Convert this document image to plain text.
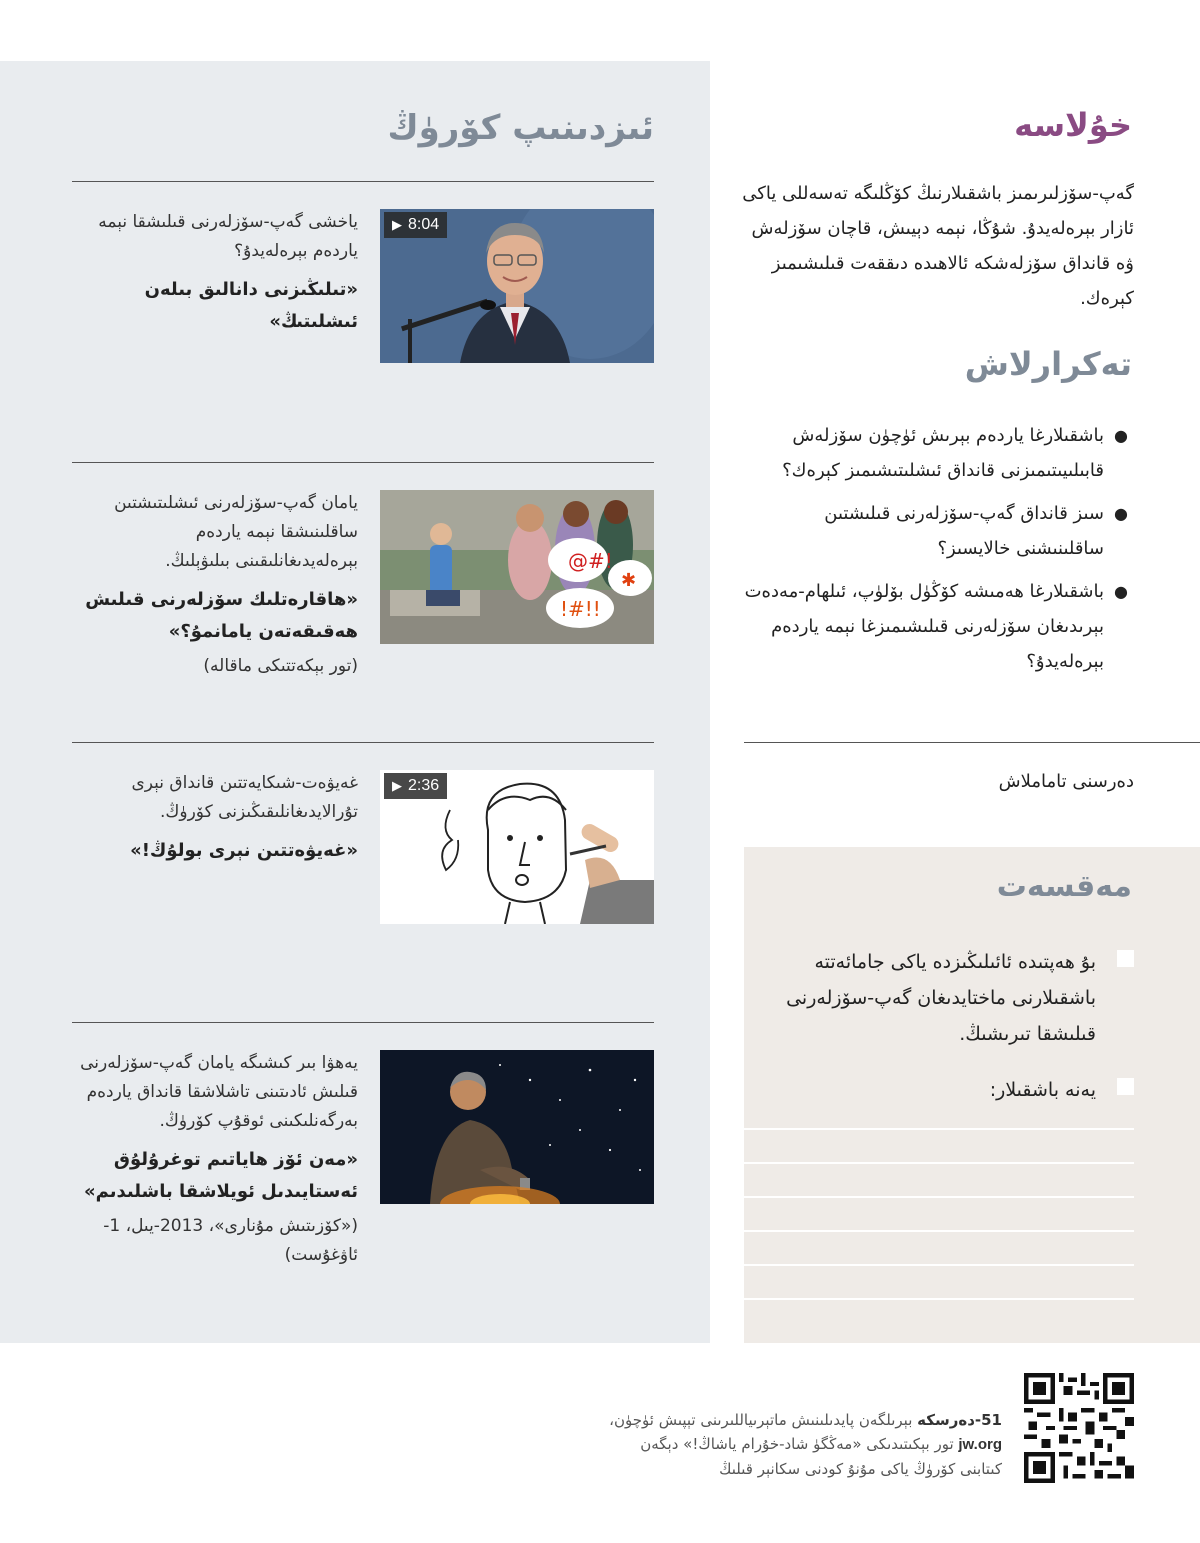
ئىزدىنىپ كۆرۈڭ
▶ 8:04

ياخشى گەپ-سۆزلەرنى قىلىشقا نېمە ياردەم بېرەلەيدۇ؟

«تىلىڭىزنى دانالىق بىلەن ئىشلىتىڭ»

@#!
✱
!#!!

يامان گەپ-سۆزلەرنى ئىشلىتىشتىن ساقلىنىشقا نېمە ياردەم بېرەلەيدىغانلىقىنى بىلىۋېلىڭ.

«ھاقارەتلىك سۆزلەرنى قىلىش ھەقىقەتەن يامانمۇ؟»

(تور بېكەتتىكى ماقالە)

▶ 2:36

غەيۋەت-شىكايەتتىن قانداق نېرى تۇرالايدىغانلىقىڭىزنى كۆرۈڭ.

«غەيۋەتتىن نېرى بولۇڭ!»

يەھۋا بىر كىشىگە يامان گەپ-سۆزلەرنى قىلىش ئادىتىنى تاشلاشقا قانداق ياردەم بەرگەنلىكىنى ئوقۇپ كۆرۈڭ.

«مەن ئۆز ھاياتىم توغرۇلۇق ئەستايىدىل ئويلاشقا باشلىدىم»

(«كۆزىتىش مۇنارى»، 2013-يىل، 1-ئاۋغۇست)

خۇلاسە

گەپ-سۆزلىرىمىز باشقىلارنىڭ كۆڭلىگە تەسەللى ياكى ئازار بېرەلەيدۇ. شۇڭا، نېمە دېيىش، قاچان سۆزلەش ۋە قانداق سۆزلەشكە ئالاھىدە دىققەت قىلىشىمىز كېرەك.

تەكرارلاش
●
باشقىلارغا ياردەم بېرىش ئۈچۈن سۆزلەش قابىلىيىتىمىزنى قانداق ئىشلىتىشىمىز كېرەك؟
●
سىز قانداق گەپ-سۆزلەرنى قىلىشتىن ساقلىنىشنى خالايسىز؟
●
باشقىلارغا ھەمىشە كۆڭۈل بۆلۈپ، ئىلھام-مەدەت بېرىدىغان سۆزلەرنى قىلىشىمىزغا نېمە ياردەم بېرەلەيدۇ؟

دەرسنى تاماملاش

مەقسەت

بۇ ھەپتىدە ئائىلىڭىزدە ياكى جامائەتتە باشقىلارنى ماختايدىغان گەپ-سۆزلەرنى قىلىشقا تىرىشىڭ.

يەنە باشقىلار:

51-دەرسكە بېرىلگەن پايدىلىنىش ماتېرىياللىرىنى تېپىش ئۈچۈن،
jw.org تور بېكىتىدىكى «مەڭگۈ شاد-خۇرام ياشاڭ!» دېگەن
كىتابنى كۆرۈڭ ياكى مۇنۇ كودنى سكانېر قىلىڭ
